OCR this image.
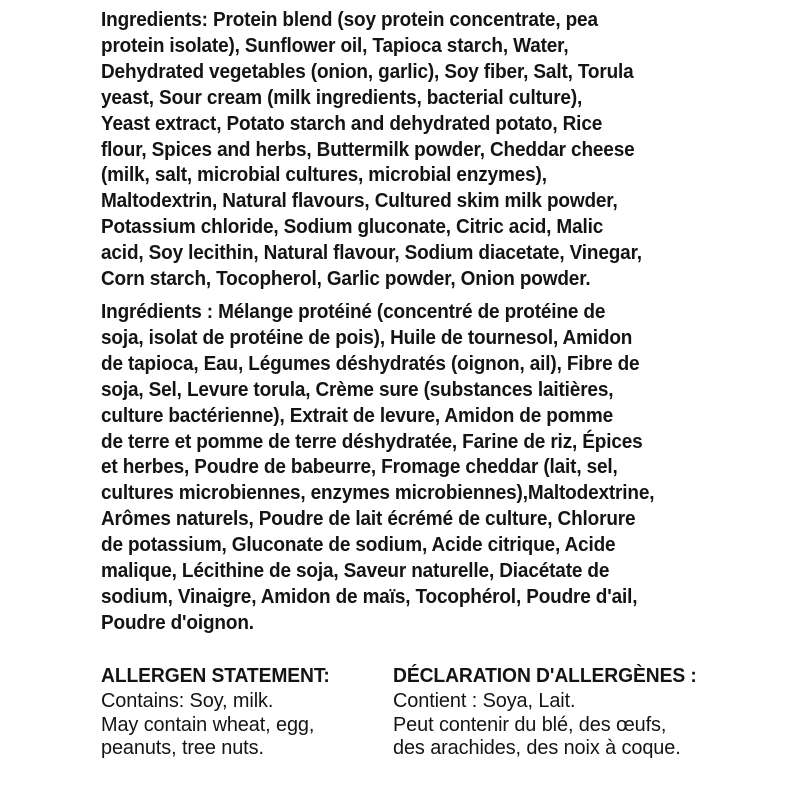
Ingredients: Protein blend (soy protein concentrate, pea
protein isolate), Sunflower oil, Tapioca starch, Water,
Dehydrated vegetables (onion, garlic), Soy fiber, Salt, Torula
yeast, Sour cream (milk ingredients, bacterial culture),
Yeast extract, Potato starch and dehydrated potato, Rice
flour, Spices and herbs, Buttermilk powder, Cheddar cheese
(milk, salt, microbial cultures, microbial enzymes),
Maltodextrin, Natural flavours, Cultured skim milk powder,
Potassium chloride, Sodium gluconate, Citric acid, Malic
acid, Soy lecithin, Natural flavour, Sodium diacetate, Vinegar,
Corn starch, Tocopherol, Garlic powder, Onion powder.
Ingrédients : Mélange protéiné (concentré de protéine de
soja, isolat de protéine de pois), Huile de tournesol, Amidon
de tapioca, Eau, Légumes déshydratés (oignon, ail), Fibre de
soja, Sel, Levure torula, Crème sure (substances laitières,
culture bactérienne), Extrait de levure, Amidon de pomme
de terre et pomme de terre déshydratée, Farine de riz, Épices
et herbes, Poudre de babeurre, Fromage cheddar (lait, sel,
cultures microbiennes, enzymes microbiennes),Maltodextrine,
Arômes naturels, Poudre de lait écrémé de culture, Chlorure
de potassium, Gluconate de sodium, Acide citrique, Acide
malique, Lécithine de soja, Saveur naturelle, Diacétate de
sodium, Vinaigre, Amidon de maïs, Tocophérol, Poudre d'ail,
Poudre d'oignon.
ALLERGEN STATEMENT:
Contains: Soy, milk.
May contain wheat, egg,
peanuts, tree nuts.
DÉCLARATION D'ALLERGÈNES :
Contient : Soya, Lait.
Peut contenir du blé, des œufs,
des arachides, des noix à coque.
